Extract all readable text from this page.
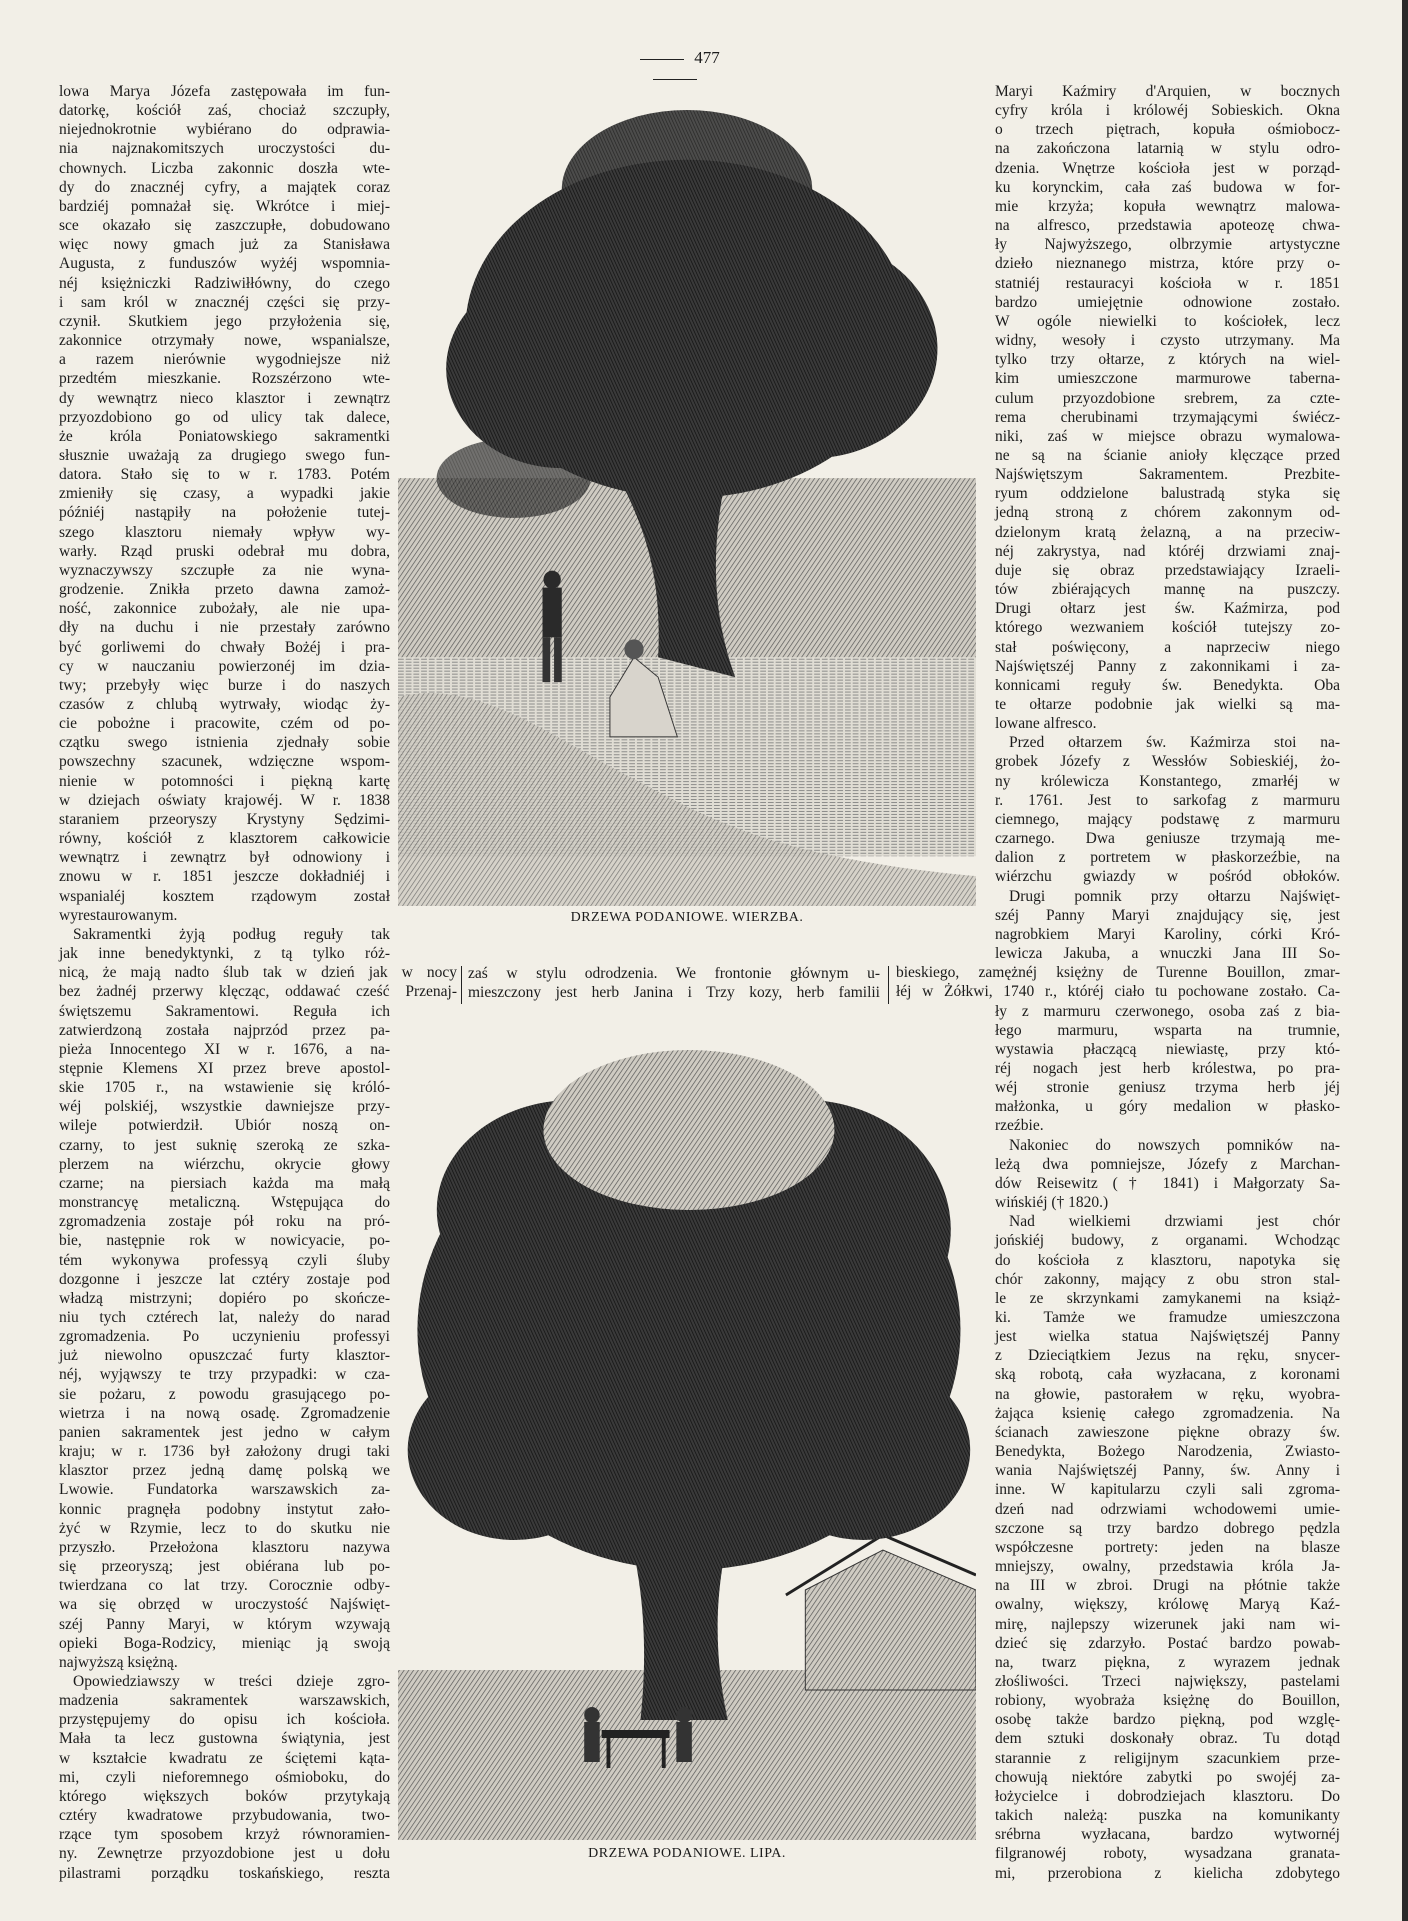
477
lowa Marya Józefa zastępowała im fun-
datorkę, kościół zaś, chociaż szczupły,
niejednokrotnie wybiérano do odprawia-
nia najznakomitszych uroczystości du-
chownych. Liczba zakonnic doszła wte-
dy do znacznéj cyfry, a majątek coraz
bardziéj pomnażał się. Wkrótce i miej-
sce okazało się zaszczupłe, dobudowano
więc nowy gmach już za Stanisława
Augusta, z funduszów wyżéj wspomnia-
néj księżniczki Radziwiłłówny, do czego
i sam król w znacznéj części się przy-
czynił. Skutkiem jego przyłożenia się,
zakonnice otrzymały nowe, wspanialsze,
a razem nierównie wygodniejsze niż
przedtém mieszkanie. Rozszérzono wte-
dy wewnątrz nieco klasztor i zewnątrz
przyozdobiono go od ulicy tak dalece,
że króla Poniatowskiego sakramentki
słusznie uważają za drugiego swego fun-
datora. Stało się to w r. 1783. Potém
zmieniły się czasy, a wypadki jakie
późniéj nastąpiły na położenie tutej-
szego klasztoru niemały wpływ wy-
warły. Rząd pruski odebrał mu dobra,
wyznaczywszy szczupłe za nie wyna-
grodzenie. Znikła przeto dawna zamoż-
ność, zakonnice zubożały, ale nie upa-
dły na duchu i nie przestały zarówno
być gorliwemi do chwały Bożéj i pra-
cy w nauczaniu powierzonéj im dzia-
twy; przebyły więc burze i do naszych
czasów z chlubą wytrwały, wiodąc ży-
cie pobożne i pracowite, czém od po-
czątku swego istnienia zjednały sobie
powszechny szacunek, wdzięczne wspom-
nienie w potomności i piękną kartę
w dziejach oświaty krajowéj. W r. 1838
staraniem przeoryszy Krystyny Sędzimi-
równy, kościół z klasztorem całkowicie
wewnątrz i zewnątrz był odnowiony i
znowu w r. 1851 jeszcze dokładniéj i
wspanialéj kosztem rządowym został
wyrestaurowanym.
Sakramentki żyją podług reguły tak
jak inne benedyktynki, z tą tylko róż-
nicą, że mają nadto ślub tak w dzień jak w nocy
bez żadnéj przerwy klęcząc, oddawać cześć Przenaj-
świętszemu Sakramentowi. Reguła ich
zatwierdzoną została najprzód przez pa-
pieża Innocentego XI w r. 1676, a na-
stępnie Klemens XI przez breve apostol-
skie 1705 r., na wstawienie się króló-
wéj polskiéj, wszystkie dawniejsze przy-
wileje potwierdził. Ubiór noszą on-
czarny, to jest suknię szeroką ze szka-
plerzem na wiérzchu, okrycie głowy
czarne; na piersiach każda ma małą
monstrancyę metaliczną. Wstępująca do
zgromadzenia zostaje pół roku na pró-
bie, następnie rok w nowicyacie, po-
tém wykonywa professyą czyli śluby
dozgonne i jeszcze lat cztéry zostaje pod
władzą mistrzyni; dopiéro po skończe-
niu tych cztérech lat, należy do narad
zgromadzenia. Po uczynieniu professyi
już niewolno opuszczać furty klasztor-
néj, wyjąwszy te trzy przypadki: w cza-
sie pożaru, z powodu grasującego po-
wietrza i na nową osadę. Zgromadzenie
panien sakramentek jest jedno w całym
kraju; w r. 1736 był założony drugi taki
klasztor przez jedną damę polską we
Lwowie. Fundatorka warszawskich za-
konnic pragnęła podobny instytut zało-
żyć w Rzymie, lecz to do skutku nie
przyszło. Przełożona klasztoru nazywa
się przeoryszą; jest obiérana lub po-
twierdzana co lat trzy. Corocznie odby-
wa się obrzęd w uroczystość Najświęt-
széj Panny Maryi, w którym wzywają
opieki Boga-Rodzicy, mieniąc ją swoją
najwyższą księżną.
Opowiedziawszy w treści dzieje zgro-
madzenia sakramentek warszawskich,
przystępujemy do opisu ich kościoła.
Mała ta lecz gustowna świątynia, jest
w kształcie kwadratu ze ściętemi kąta-
mi, czyli nieforemnego ośmioboku, do
którego większych boków przytykają
cztéry kwadratowe przybudowania, two-
rzące tym sposobem krzyż równoramien-
ny. Zewnętrze przyozdobione jest u dołu
pilastrami porządku toskańskiego, reszta
Maryi Kaźmiry d'Arquien, w bocznych
cyfry króla i królowéj Sobieskich. Okna
o trzech piętrach, kopuła ośmiobocz-
na zakończona latarnią w stylu odro-
dzenia. Wnętrze kościoła jest w porząd-
ku korynckim, cała zaś budowa w for-
mie krzyża; kopuła wewnątrz malowa-
na alfresco, przedstawia apoteozę chwa-
ły Najwyższego, olbrzymie artystyczne
dzieło nieznanego mistrza, które przy o-
statniéj restauracyi kościoła w r. 1851
bardzo umiejętnie odnowione zostało.
W ogóle niewielki to kościołek, lecz
widny, wesoły i czysto utrzymany. Ma
tylko trzy ołtarze, z których na wiel-
kim umieszczone marmurowe taberna-
culum przyozdobione srebrem, za czte-
rema cherubinami trzymającymi świécz-
niki, zaś w miejsce obrazu wymalowa-
ne są na ścianie anioły klęczące przed
Najświętszym Sakramentem. Prezbite-
ryum oddzielone balustradą styka się
jedną stroną z chórem zakonnym od-
dzielonym kratą żelazną, a na przeciw-
néj zakrystya, nad któréj drzwiami znaj-
duje się obraz przedstawiający Izraeli-
tów zbiérających mannę na puszczy.
Drugi ołtarz jest św. Kaźmirza, pod
którego wezwaniem kościół tutejszy zo-
stał poświęcony, a naprzeciw niego
Najświętszéj Panny z zakonnikami i za-
konnicami reguły św. Benedykta. Oba
te ołtarze podobnie jak wielki są ma-
lowane alfresco.
Przed ołtarzem św. Kaźmirza stoi na-
grobek Józefy z Wessłów Sobieskiéj, żo-
ny królewicza Konstantego, zmarłéj w
r. 1761. Jest to sarkofag z marmuru
ciemnego, mający podstawę z marmuru
czarnego. Dwa geniusze trzymają me-
dalion z portretem w płaskorzeźbie, na
wiérzchu gwiazdy w pośród obłoków.
Drugi pomnik przy ołtarzu Najświęt-
széj Panny Maryi znajdujący się, jest
nagrobkiem Maryi Karoliny, córki Kró-
lewicza Jakuba, a wnuczki Jana III So-
bieskiego, zamężnéj księżny de Turenne Bouillon, zmar-
łéj w Żółkwi, 1740 r., któréj ciało tu pochowane zostało. Ca-
ły z marmuru czerwonego, osoba zaś z bia-
łego marmuru, wsparta na trumnie,
wystawia płaczącą niewiastę, przy któ-
réj nogach jest herb królestwa, po pra-
wéj stronie geniusz trzyma herb jéj
małżonka, u góry medalion w płasko-
rzeźbie.
Nakoniec do nowszych pomników na-
leżą dwa pomniejsze, Józefy z Marchan-
dów Reisewitz († 1841) i Małgorzaty Sa-
wińskiéj († 1820.)
Nad wielkiemi drzwiami jest chór
jońskiéj budowy, z organami. Wchodząc
do kościoła z klasztoru, napotyka się
chór zakonny, mający z obu stron stal-
le ze skrzynkami zamykanemi na książ-
ki. Tamże we framudze umieszczona
jest wielka statua Najświętszéj Panny
z Dzieciątkiem Jezus na ręku, snycer-
ską robotą, cała wyzłacana, z koronami
na głowie, pastorałem w ręku, wyobra-
żająca ksienię całego zgromadzenia. Na
ścianach zawieszone piękne obrazy św.
Benedykta, Bożego Narodzenia, Zwiasto-
wania Najświętszéj Panny, św. Anny i
inne. W kapitularzu czyli sali zgroma-
dzeń nad odrzwiami wchodowemi umie-
szczone są trzy bardzo dobrego pędzla
współczesne portrety: jeden na blasze
mniejszy, owalny, przedstawia króla Ja-
na III w zbroi. Drugi na płótnie także
owalny, większy, królowę Maryą Kaź-
mirę, najlepszy wizerunek jaki nam wi-
dzieć się zdarzyło. Postać bardzo powab-
na, twarz piękna, z wyrazem jednak
złośliwości. Trzeci największy, pastelami
robiony, wyobraża księżnę do Bouillon,
osobę także bardzo piękną, pod wzglę-
dem sztuki doskonały obraz. Tu dotąd
starannie z religijnym szacunkiem prze-
chowują niektóre zabytki po swojéj za-
łożycielce i dobrodziejach klasztoru. Do
takich należą: puszka na komunikanty
srébrna wyzłacana, bardzo wytwornéj
filgranowéj roboty, wysadzana granata-
mi, przerobiona z kielicha zdobytego
zaś w stylu odrodzenia. We frontonie głównym u-
mieszczony jest herb Janina i Trzy kozy, herb familii
DRZEWA PODANIOWE. WIERZBA.
DRZEWA PODANIOWE. LIPA.
